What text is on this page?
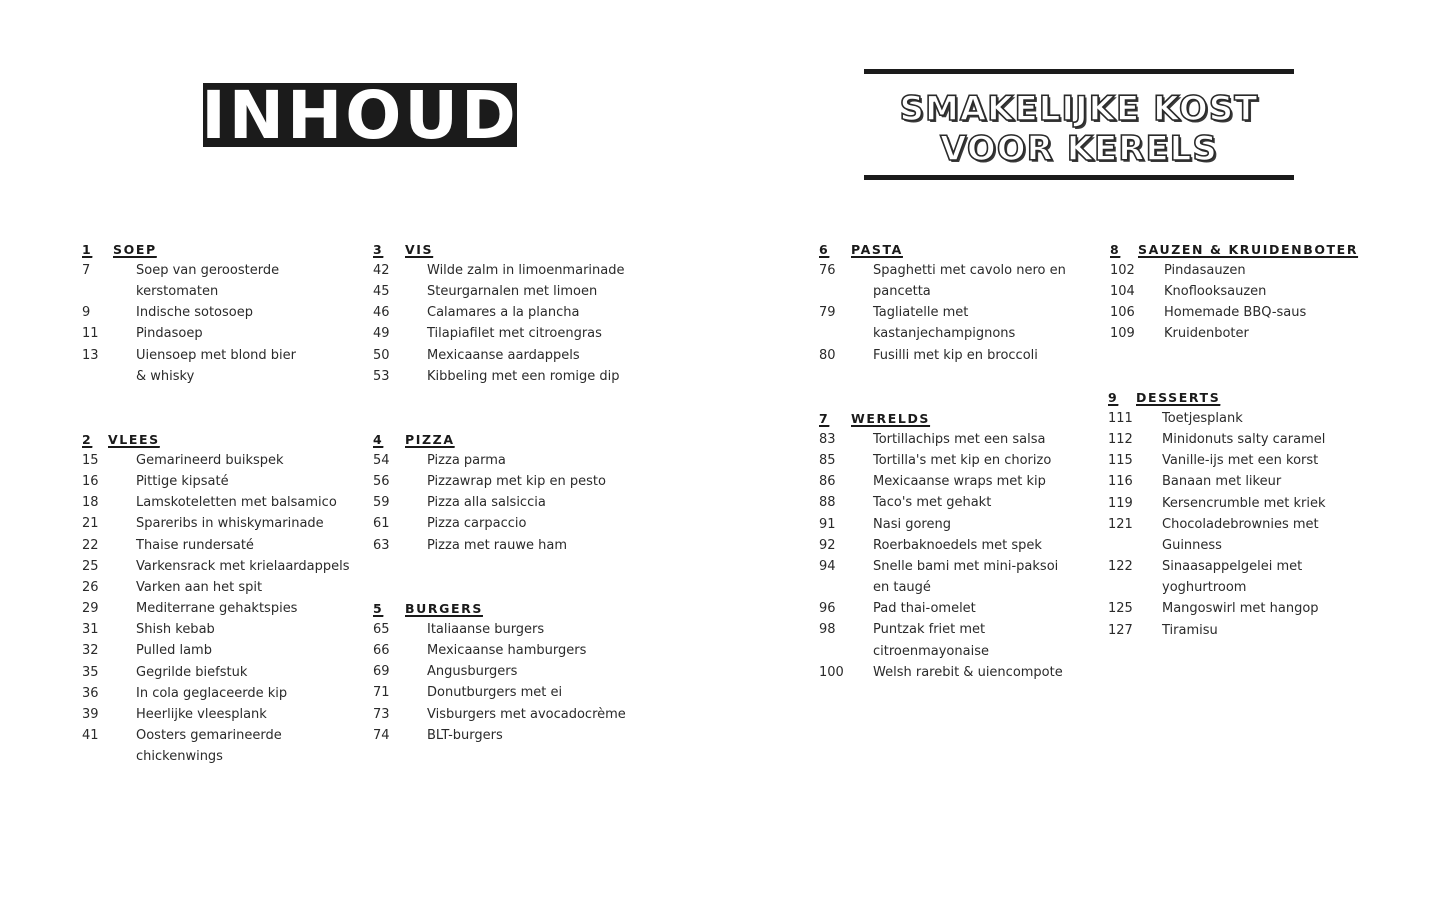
INHOUD	SMAKELIJKE KOST
VOOR KERELS
1	SOEP
7	Soep van geroosterde
kerstomaten
9	Indische sotosoep
11	Pindasoep
13	Uiensoep met blond bier
& whisky
2	VLEES
15	Gemarineerd buikspek
16	Pittige kipsaté
18	Lamskoteletten met balsamico
21	Spareribs in whiskymarinade
22	Thaise rundersaté
25	Varkensrack met krielaardappels
26	Varken aan het spit
29	Mediterrane gehaktspies
31	Shish kebab
32	Pulled lamb
35	Gegrilde biefstuk
36	In cola geglaceerde kip
39	Heerlijke vleesplank
41	Oosters gemarineerde
chickenwings
3	VIS
42	Wilde zalm in limoenmarinade
45	Steurgarnalen met limoen
46	Calamares a la plancha
49	Tilapiafilet met citroengras
50	Mexicaanse aardappels
53	Kibbeling met een romige dip
4	PIZZA
54	Pizza parma
56	Pizzawrap met kip en pesto
59	Pizza alla salsiccia
61	Pizza carpaccio
63	Pizza met rauwe ham
5	BURGERS
65	Italiaanse burgers
66	Mexicaanse hamburgers
69	Angusburgers
71	Donutburgers met ei
73	Visburgers met avocadocrème
74	BLT-burgers
6	PASTA
76	Spaghetti met cavolo nero en
pancetta
79	Tagliatelle met
kastanjechampignons
80	Fusilli met kip en broccoli
7	WERELDS
83	Tortillachips met een salsa
85	Tortilla's met kip en chorizo
86	Mexicaanse wraps met kip
88	Taco's met gehakt
91	Nasi goreng
92	Roerbaknoedels met spek
94	Snelle bami met mini-paksoi
en taugé
96	Pad thai-omelet
98	Puntzak friet met
citroenmayonaise
100	Welsh rarebit & uiencompote
8	SAUZEN & KRUIDENBOTER
102	Pindasauzen
104	Knoflooksauzen
106	Homemade BBQ-saus
109	Kruidenboter
9	DESSERTS
111	Toetjesplank
112	Minidonuts salty caramel
115	Vanille-ijs met een korst
116	Banaan met likeur
119	Kersencrumble met kriek
121	Chocoladebrownies met
Guinness
122	Sinaasappelgelei met
yoghurtroom
125	Mangoswirl met hangop
127	Tiramisu
